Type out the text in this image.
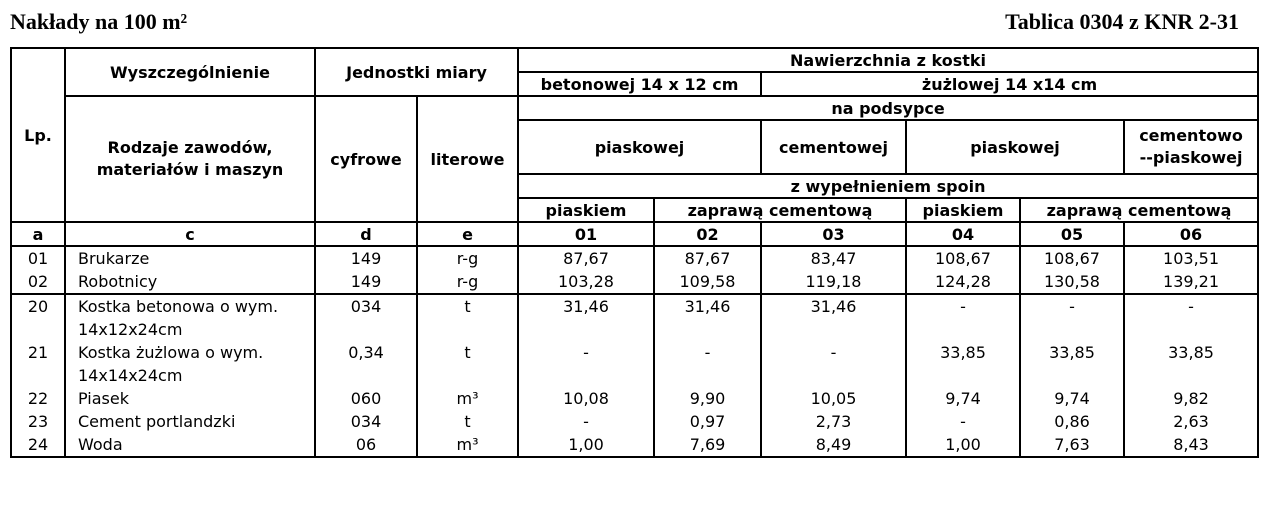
Nakłady na 100 m²	Tablica 0304 z KNR 2-31
Lp.	Wyszczególnienie	Jednostki miary		Nawierzchnia z kostki					
				betonowej 14 x 12 cm		żużlowej 14 x14 cm			
	Rodzaje zawodów, materiałów i maszyn	cyfrowe	literowe	na podsypce					
				piaskowej		cementowej	piaskowej		cementowo--piaskowej
				z wypełnieniem spoin					
				piaskiem	zaprawą cementową		piaskiem	zaprawą cementową	

a	c	d	e	01	02	03	04	05	06
01	Brukarze	149	r-g	87,67	87,67	83,47	108,67	108,67	103,51
02	Robotnicy	149	r-g	103,28	109,58	119,18	124,28	130,58	139,21
20	Kostka betonowa o wym.	034	t	31,46	31,46	31,46	-	-	-
	14x12x24cm								
21	Kostka żużlowa o wym.	0,34	t	-	-	-	33,85	33,85	33,85
	14x14x24cm								
22	Piasek	060	m³	10,08	9,90	10,05	9,74	9,74	9,82
23	Cement portlandzki	034	t	-	0,97	2,73	-	0,86	2,63
24	Woda	06	m³	1,00	7,69	8,49	1,00	7,63	8,43
